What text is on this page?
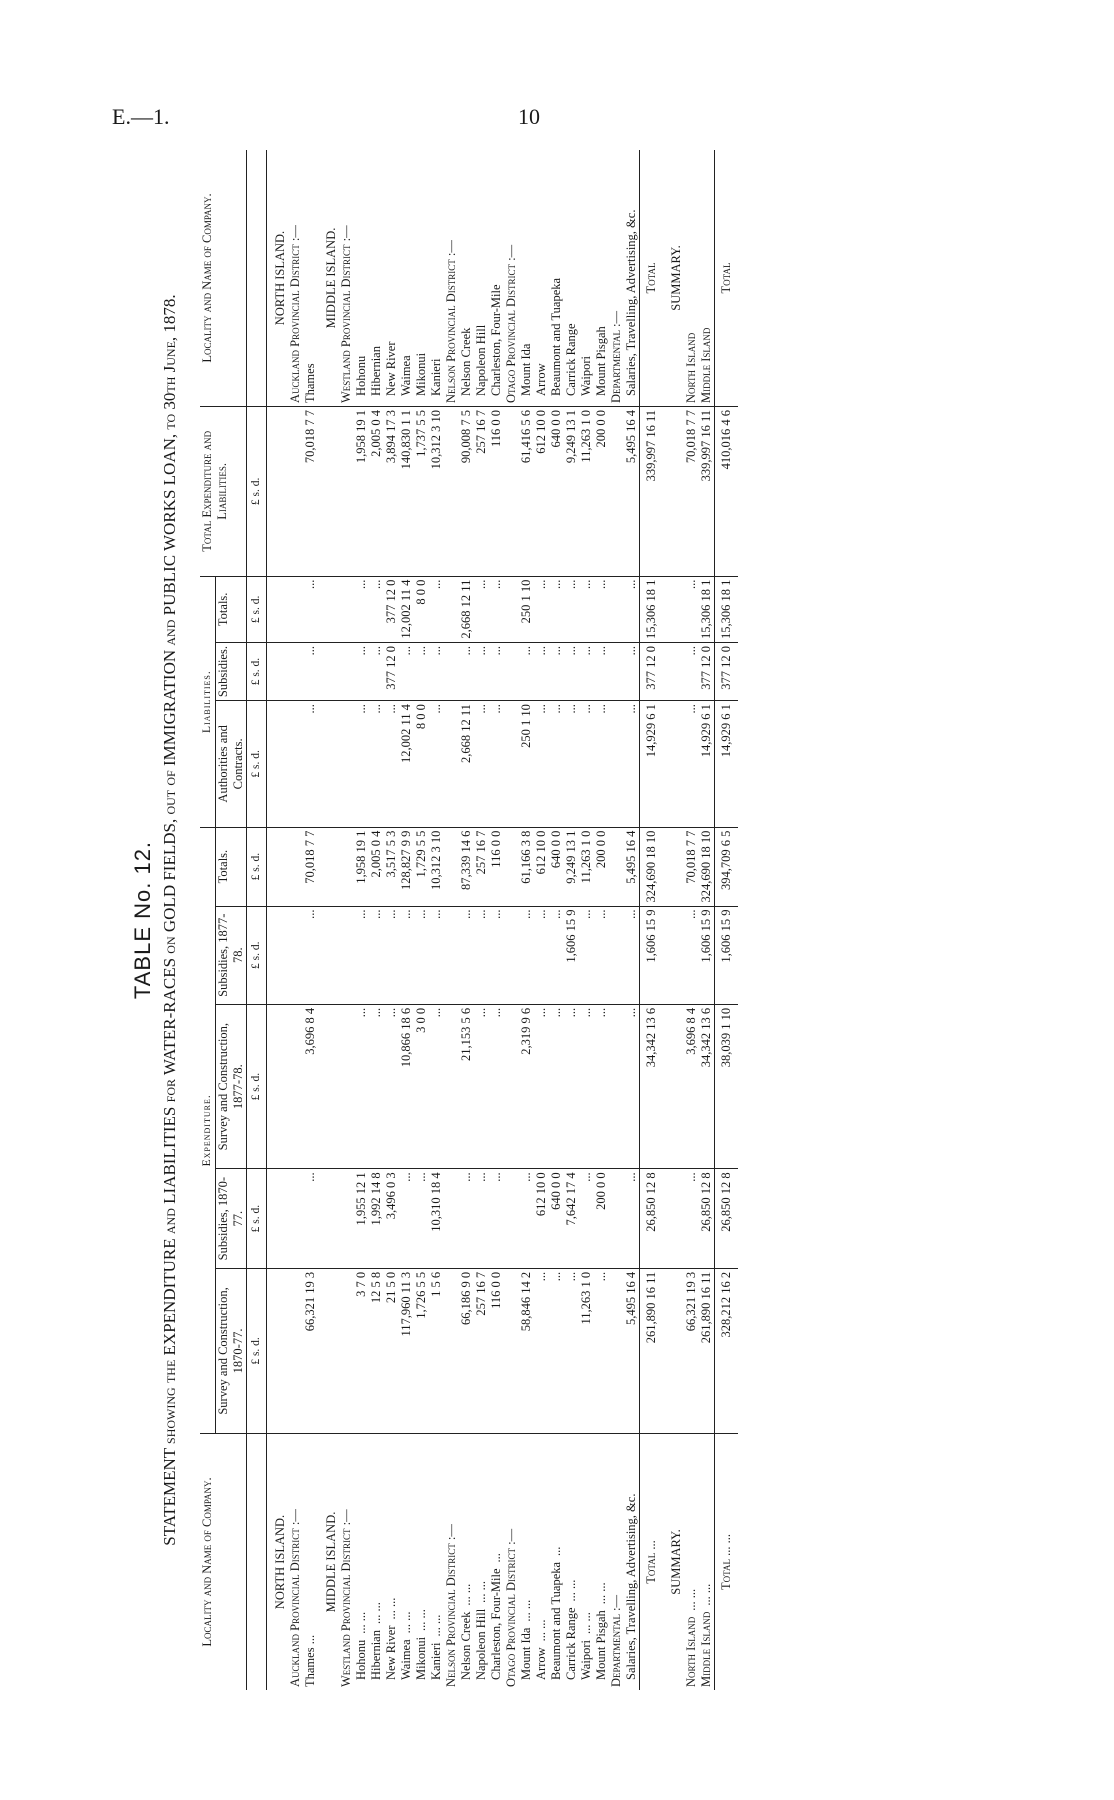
E.—1.	10
TABLE No. 12. STATEMENT showing the EXPENDITURE and LIABILITIES for WATER-RACES on GOLD FIELDS, out of IMMIGRATION and PUBLIC WORKS LOAN, to 30th June, 1878.
Locality and Name of Company.	Expenditure.					Liabilities.			Total Expenditure and Liabilities.	Locality and Name of Company.
	Survey and Construction, 1870-77.	Subsidies, 1870-77.	Survey and Construction, 1877-78.	Subsidies, 1877-78.	Totals.	Authorities and Contracts.	Subsidies.	Totals.		
	£ s. d.	£ s. d.	£ s. d.	£ s. d.	£ s. d.	£ s. d.	£ s. d.	£ s. d.	£ s. d.	
NORTH ISLAND.										NORTH ISLAND.
Auckland Provincial District :—										Auckland Provincial District :—
Thames ...	66,321 19 3	...	3,696 8 4	...	70,018 7 7	...	...	...	70,018 7 7	Thames
MIDDLE ISLAND.										MIDDLE ISLAND.
Westland Provincial District :—										Westland Provincial District :—
Hohonu... ...	3 7 0	1,955 12 1	...	...	1,958 19 1	...	...	...	1,958 19 1	Hohonu
Hibernian... ...	12 5 8	1,992 14 8	...	...	2,005 0 4	...	...	...	2,005 0 4	Hibernian
New River... ...	21 5 0	3,496 0 3	...	...	3,517 5 3	...	377 12 0	377 12 0	3,894 17 3	New River
Waimea... ...	117,960 11 3	...	10,866 18 6	...	128,827 9 9	12,002 11 4	...	12,002 11 4	140,830 1 1	Waimea
Mikonui... ...	1,726 5 5	...	3 0 0	...	1,729 5 5	8 0 0	...	8 0 0	1,737 5 5	Mikonui
Kanieri... ...	1 5 6	10,310 18 4	...	...	10,312 3 10	...	...	...	10,312 3 10	Kanieri
Nelson Provincial District :—										Nelson Provincial District :—
Nelson Creek... ...	66,186 9 0	...	21,153 5 6	...	87,339 14 6	2,668 12 11	...	2,668 12 11	90,008 7 5	Nelson Creek
Napoleon Hill... ...	257 16 7	...	...	...	257 16 7	...	...	...	257 16 7	Napoleon Hill
Charleston, Four-Mile...	116 0 0	...	...	...	116 0 0	...	...	...	116 0 0	Charleston, Four-Mile
Otago Provincial District :—										Otago Provincial District :—
Mount Ida... ...	58,846 14 2	...	2,319 9 6	...	61,166 3 8	250 1 10	...	250 1 10	61,416 5 6	Mount Ida
Arrow... ...	...	612 10 0	...	...	612 10 0	...	...	...	612 10 0	Arrow
Beaumont and Tuapeka...	...	640 0 0	...	...	640 0 0	...	...	...	640 0 0	Beaumont and Tuapeka
Carrick Range... ...	...	7,642 17 4	...	1,606 15 9	9,249 13 1	...	...	...	9,249 13 1	Carrick Range
Waipori... ...	11,263 1 0	...	...	...	11,263 1 0	...	...	...	11,263 1 0	Waipori
Mount Pisgah... ...	...	200 0 0	...	...	200 0 0	...	...	...	200 0 0	Mount Pisgah
Departmental :—										Departmental :—
Salaries, Travelling, Advertising, &c.	5,495 16 4	...	...	...	5,495 16 4	...	...	...	5,495 16 4	Salaries, Travelling, Advertising, &c.
Total ...	261,890 16 11	26,850 12 8	34,342 13 6	1,606 15 9	324,690 18 10	14,929 6 1	377 12 0	15,306 18 1	339,997 16 11	Total
SUMMARY.										SUMMARY.

North Island... ...	66,321 19 3	...	3,696 8 4	...	70,018 7 7	...	...	...	70,018 7 7	North Island
Middle Island... ...	261,890 16 11	26,850 12 8	34,342 13 6	1,606 15 9	324,690 18 10	14,929 6 1	377 12 0	15,306 18 1	339,997 16 11	Middle Island
Total ... ...	328,212 16 2	26,850 12 8	38,039 1 10	1,606 15 9	394,709 6 5	14,929 6 1	377 12 0	15,306 18 1	410,016 4 6	Total
